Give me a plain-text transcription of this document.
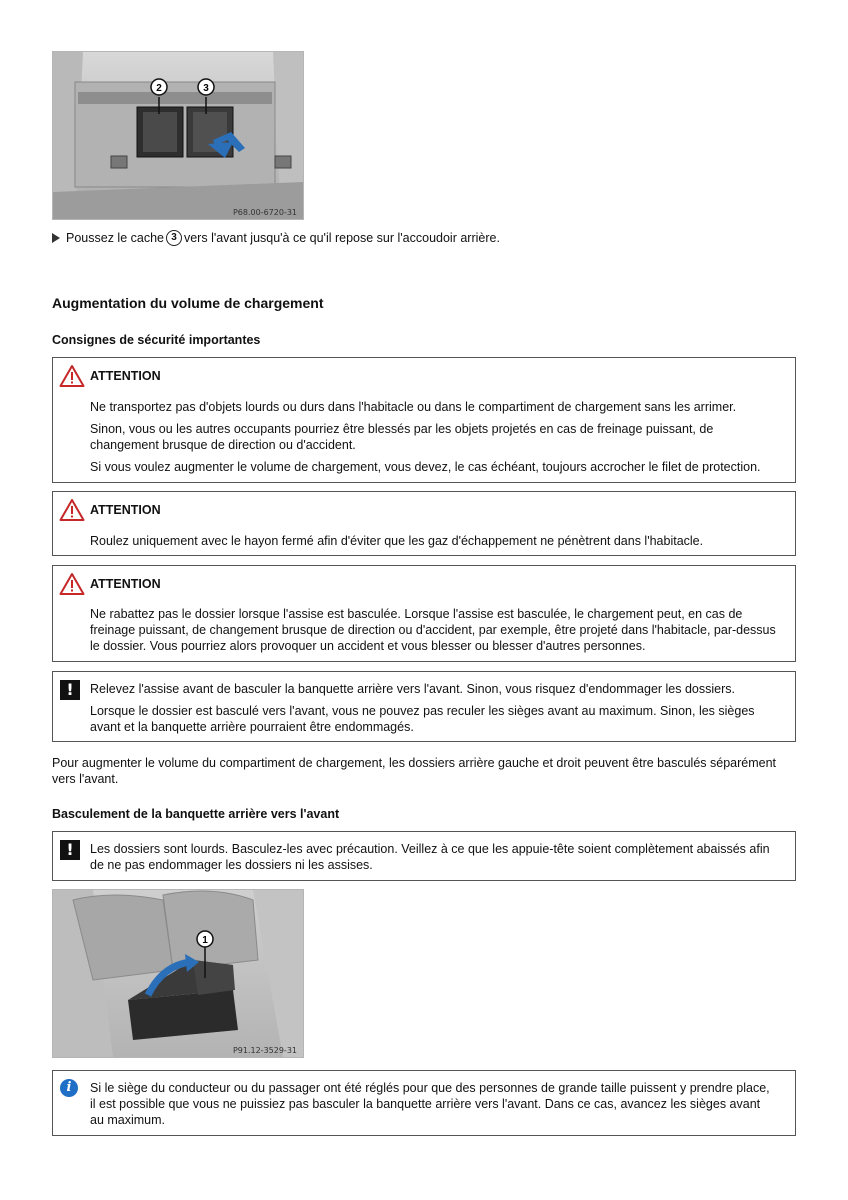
2	3
P68.00-6720-31
Poussez le cache 3 vers l'avant jusqu'à ce qu'il repose sur l'accoudoir arrière.
Augmentation du volume de chargement
Consignes de sécurité importantes
ATTENTION

Ne transportez pas d'objets lourds ou durs dans l'habitacle ou dans le compartiment de chargement sans les arrimer.

Sinon, vous ou les autres occupants pourriez être blessés par les objets projetés en cas de freinage puissant, de changement brusque de direction ou d'accident.

Si vous voulez augmenter le volume de chargement, vous devez, le cas échéant, toujours accrocher le filet de protection.

ATTENTION

Roulez uniquement avec le hayon fermé afin d'éviter que les gaz d'échappement ne pénètrent dans l'habitacle.

ATTENTION

Ne rabattez pas le dossier lorsque l'assise est basculée. Lorsque l'assise est basculée, le chargement peut, en cas de freinage puissant, de changement brusque de direction ou d'accident, par exemple, être projeté dans l'habitacle, par-dessus le dossier. Vous pourriez alors provoquer un accident et vous blesser ou blesser d'autres personnes.

!	Relevez l'assise avant de basculer la banquette arrière vers l'avant. Sinon, vous risquez d'endommager les dossiers.

Lorsque le dossier est basculé vers l'avant, vous ne pouvez pas reculer les sièges avant au maximum. Sinon, les sièges avant et la banquette arrière pourraient être endommagés.

Pour augmenter le volume du compartiment de chargement, les dossiers arrière gauche et droit peuvent être basculés séparément vers l'avant.

Basculement de la banquette arrière vers l'avant
!	Les dossiers sont lourds. Basculez-les avec précaution. Veillez à ce que les appuie-tête soient complètement abaissés afin de ne pas endommager les dossiers ni les assises.

1
P91.12-3529-31
i	Si le siège du conducteur ou du passager ont été réglés pour que des personnes de grande taille puissent y prendre place, il est possible que vous ne puissiez pas basculer la banquette arrière vers l'avant. Dans ce cas, avancez les sièges avant au maximum.
